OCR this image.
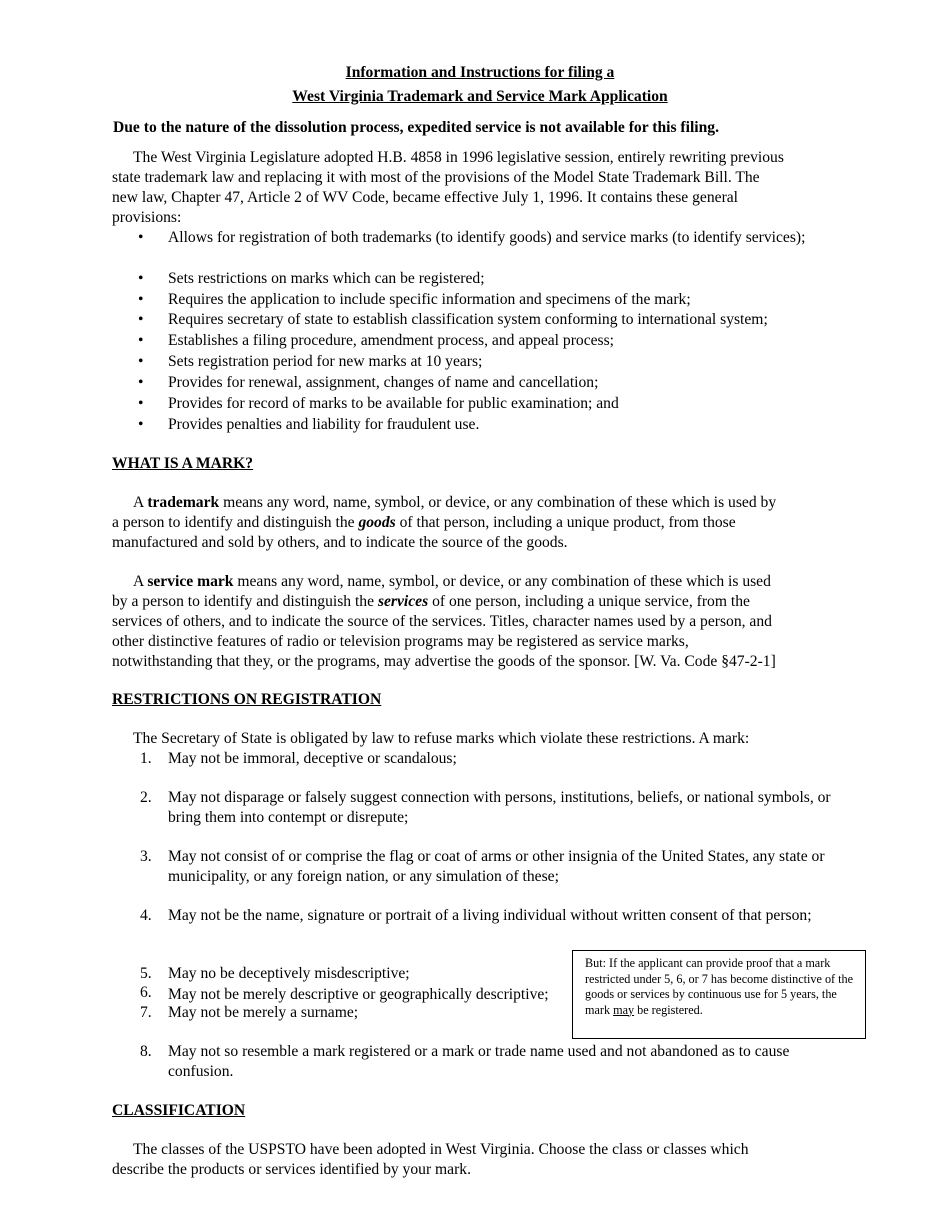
Information and Instructions for filing a
West Virginia Trademark and Service Mark Application
Due to the nature of the dissolution process, expedited service is not available for this filing.
The West Virginia Legislature adopted H.B. 4858 in 1996 legislative session, entirely rewriting previous
state trademark law and replacing it with most of the provisions of the Model State Trademark Bill. The
new law, Chapter 47, Article 2 of WV Code, became effective July 1, 1996. It contains these general
provisions:
•	Allows for registration of both trademarks (to identify goods) and service marks (to identify services);
•	Sets restrictions on marks which can be registered;
•	Requires the application to include specific information and specimens of the mark;
•	Requires secretary of state to establish classification system conforming to international system;
•	Establishes a filing procedure, amendment process, and appeal process;
•	Sets registration period for new marks at 10 years;
•	Provides for renewal, assignment, changes of name and cancellation;
•	Provides for record of marks to be available for public examination; and
•	Provides penalties and liability for fraudulent use.
WHAT IS A MARK?
A trademark means any word, name, symbol, or device, or any combination of these which is used by
a person to identify and distinguish the goods of that person, including a unique product, from those
manufactured and sold by others, and to indicate the source of the goods.
A service mark means any word, name, symbol, or device, or any combination of these which is used
by a person to identify and distinguish the services of one person, including a unique service, from the
services of others, and to indicate the source of the services. Titles, character names used by a person, and
other distinctive features of radio or television programs may be registered as service marks,
notwithstanding that they, or the programs, may advertise the goods of the sponsor. [W. Va. Code §47-2-1]
RESTRICTIONS ON REGISTRATION
The Secretary of State is obligated by law to refuse marks which violate these restrictions. A mark:
1.	May not be immoral, deceptive or scandalous;
2.	May not disparage or falsely suggest connection with persons, institutions, beliefs, or national symbols, or bring them into contempt or disrepute;
3.	May not consist of or comprise the flag or coat of arms or other insignia of the United States, any state or municipality, or any foreign nation, or any simulation of these;
4.	May not be the name, signature or portrait of a living individual without written consent of that person;
5.	May no be deceptively misdescriptive;
6.	May not be merely descriptive or geographically descriptive;
7.	May not be merely a surname;
8.	May not so resemble a mark registered or a mark or trade name used and not abandoned as to cause confusion.
But: If the applicant can provide proof that a mark restricted under 5, 6, or 7 has become distinctive of the goods or services by continuous use for 5 years, the mark may be registered.
CLASSIFICATION
The classes of the USPSTO have been adopted in West Virginia. Choose the class or classes which
describe the products or services identified by your mark.
